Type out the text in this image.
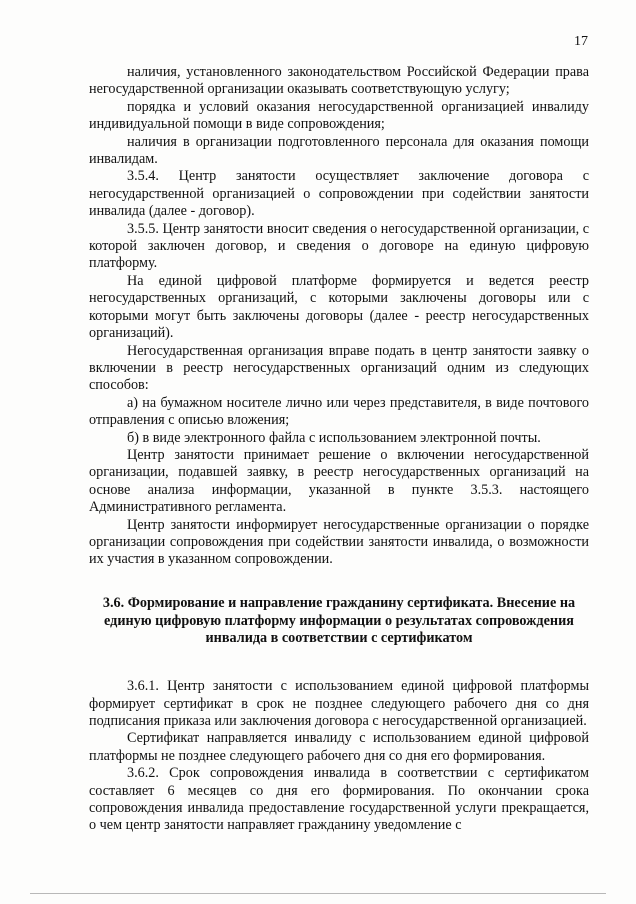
17

наличия, установленного законодательством Российской Федерации права негосударственной организации оказывать соответствующую услугу;

порядка и условий оказания негосударственной организацией инвалиду индивидуальной помощи в виде сопровождения;

наличия в организации подготовленного персонала для оказания помощи инвалидам.

3.5.4. Центр занятости осуществляет заключение договора с негосударственной организацией о сопровождении при содействии занятости инвалида (далее - договор).

3.5.5. Центр занятости вносит сведения о негосударственной организации, с которой заключен договор, и сведения о договоре на единую цифровую платформу.

На единой цифровой платформе формируется и ведется реестр негосударственных организаций, с которыми заключены договоры или с которыми могут быть заключены договоры (далее - реестр негосударственных организаций).

Негосударственная организация вправе подать в центр занятости заявку о включении в реестр негосударственных организаций одним из следующих способов:

а) на бумажном носителе лично или через представителя, в виде почтового отправления с описью вложения;

б) в виде электронного файла с использованием электронной почты.

Центр занятости принимает решение о включении негосударственной организации, подавшей заявку, в реестр негосударственных организаций на основе анализа информации, указанной в пункте 3.5.3. настоящего Административного регламента.

Центр занятости информирует негосударственные организации о порядке организации сопровождения при содействии занятости инвалида, о возможности их участия в указанном сопровождении.

3.6. Формирование и направление гражданину сертификата. Внесение на единую цифровую платформу информации о результатах сопровождения инвалида в соответствии с сертификатом

3.6.1. Центр занятости с использованием единой цифровой платформы формирует сертификат в срок не позднее следующего рабочего дня со дня подписания приказа или заключения договора с негосударственной организацией.

Сертификат направляется инвалиду с использованием единой цифровой платформы не позднее следующего рабочего дня со дня его формирования.

3.6.2. Срок сопровождения инвалида в соответствии с сертификатом составляет 6 месяцев со дня его формирования. По окончании срока сопровождения инвалида предоставление государственной услуги прекращается, о чем центр занятости направляет гражданину уведомление с
